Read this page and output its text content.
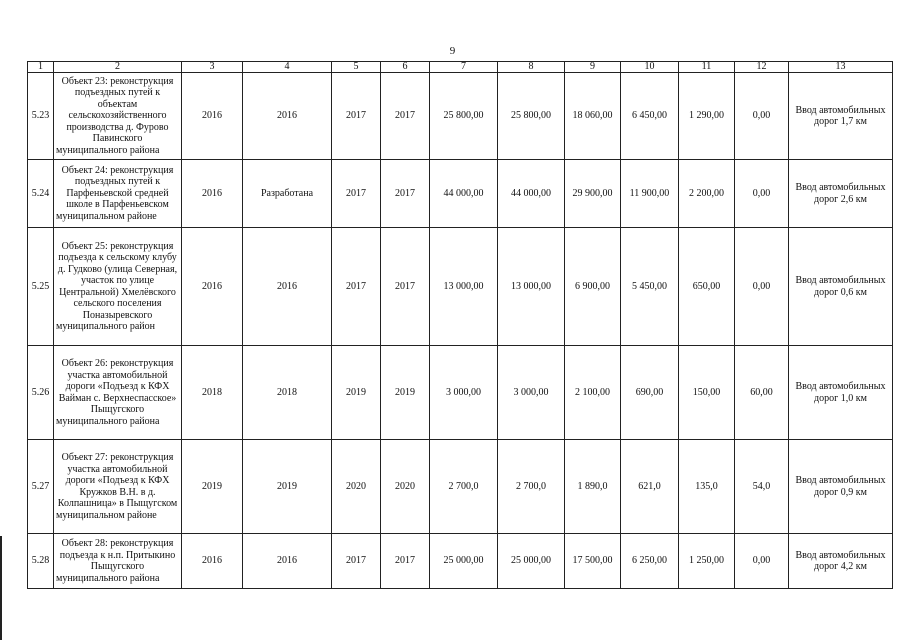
9
1	2	3	4	5	6	7	8	9	10	11	12	13
5.23	Объект 23: реконструкция подъездных путей к объектам сельскохозяйственного производства д. Фурово Павинского муниципального района	2016	2016	2017	2017	25 800,00	25 800,00	18 060,00	6 450,00	1 290,00	0,00	Ввод автомобильных дорог 1,7 км
5.24	Объект 24: реконструкция подъездных путей к Парфеньевской средней школе в Парфеньевском муниципальном районе	2016	Разработана	2017	2017	44 000,00	44 000,00	29 900,00	11 900,00	2 200,00	0,00	Ввод автомобильных дорог 2,6 км
5.25	Объект 25: реконструкция подъезда к сельскому клубу д. Гудково (улица Северная, участок по улице Центральной) Хмелёвского сельского поселения Поназыревского муниципального район	2016	2016	2017	2017	13 000,00	13 000,00	6 900,00	5 450,00	650,00	0,00	Ввод автомобильных дорог 0,6 км
5.26	Объект 26: реконструкция участка автомобильной дороги «Подъезд к КФХ Вайман с. Верхнеспасское» Пыщугского муниципального района	2018	2018	2019	2019	3 000,00	3 000,00	2 100,00	690,00	150,00	60,00	Ввод автомобильных дорог 1,0 км
5.27	Объект 27: реконструкция участка автомобильной дороги «Подъезд к КФХ Кружков В.Н. в д. Колпашница» в Пыщугском муниципальном районе	2019	2019	2020	2020	2 700,0	2 700,0	1 890,0	621,0	135,0	54,0	Ввод автомобильных дорог 0,9 км
5.28	Объект 28: реконструкция подъезда к н.п. Притыкино Пыщугского муниципального района	2016	2016	2017	2017	25 000,00	25 000,00	17 500,00	6 250,00	1 250,00	0,00	Ввод автомобильных дорог 4,2 км
